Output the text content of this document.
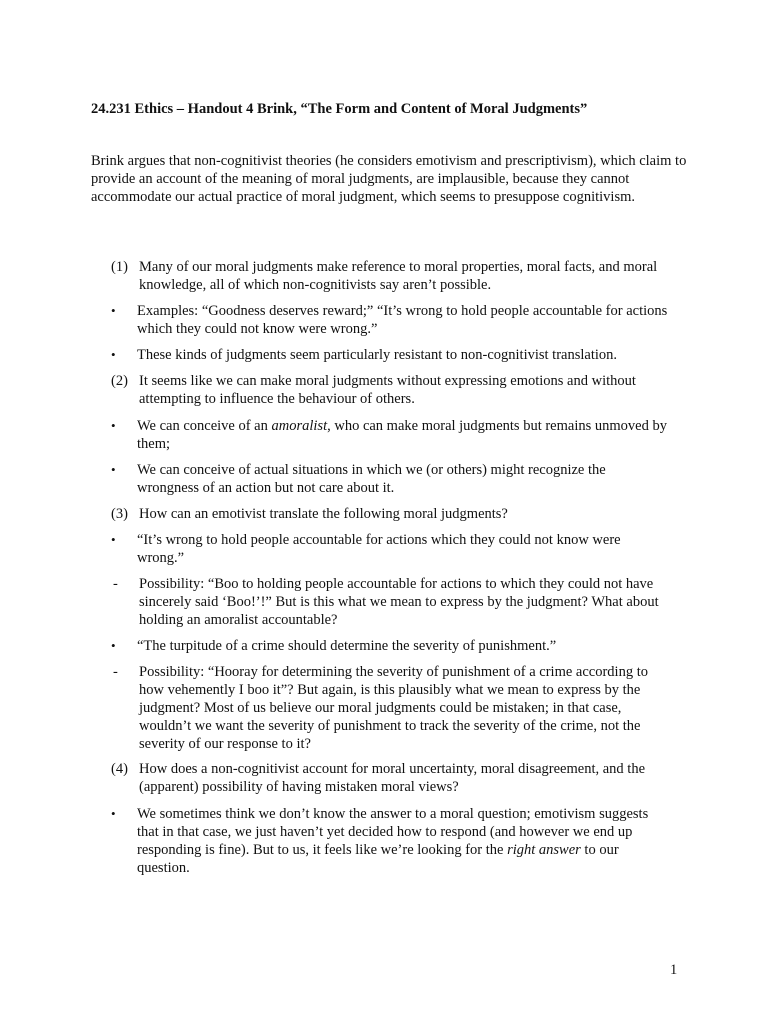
24.231 Ethics – Handout 4 Brink, “The Form and Content of Moral Judgments”
Brink argues that non-cognitivist theories (he considers emotivism and prescriptivism), which claim to provide an account of the meaning of moral judgments, are implausible, because they cannot accommodate our actual practice of moral judgment, which seems to presuppose cognitivism.
(1) Many of our moral judgments make reference to moral properties, moral facts, and moral knowledge, all of which non-cognitivists say aren’t possible.
•	Examples: “Goodness deserves reward;” “It’s wrong to hold people accountable for actions which they could not know were wrong.”
•	These kinds of judgments seem particularly resistant to non-cognitivist translation.
(2) It seems like we can make moral judgments without expressing emotions and without attempting to influence the behaviour of others.
•	We can conceive of an amoralist, who can make moral judgments but remains unmoved by them;
•	We can conceive of actual situations in which we (or others) might recognize the wrongness of an action but not care about it.
(3) How can an emotivist translate the following moral judgments?
•	“It’s wrong to hold people accountable for actions which they could not know were wrong.”
-	Possibility: “Boo to holding people accountable for actions to which they could not have sincerely said ‘Boo!’!” But is this what we mean to express by the judgment? What about holding an amoralist accountable?
•	“The turpitude of a crime should determine the severity of punishment.”
-	Possibility: “Hooray for determining the severity of punishment of a crime according to how vehemently I boo it”? But again, is this plausibly what we mean to express by the judgment? Most of us believe our moral judgments could be mistaken; in that case, wouldn’t we want the severity of punishment to track the severity of the crime, not the severity of our response to it?
(4) How does a non-cognitivist account for moral uncertainty, moral disagreement, and the (apparent) possibility of having mistaken moral views?
•	We sometimes think we don’t know the answer to a moral question; emotivism suggests that in that case, we just haven’t yet decided how to respond (and however we end up responding is fine). But to us, it feels like we’re looking for the right answer to our question.
1
